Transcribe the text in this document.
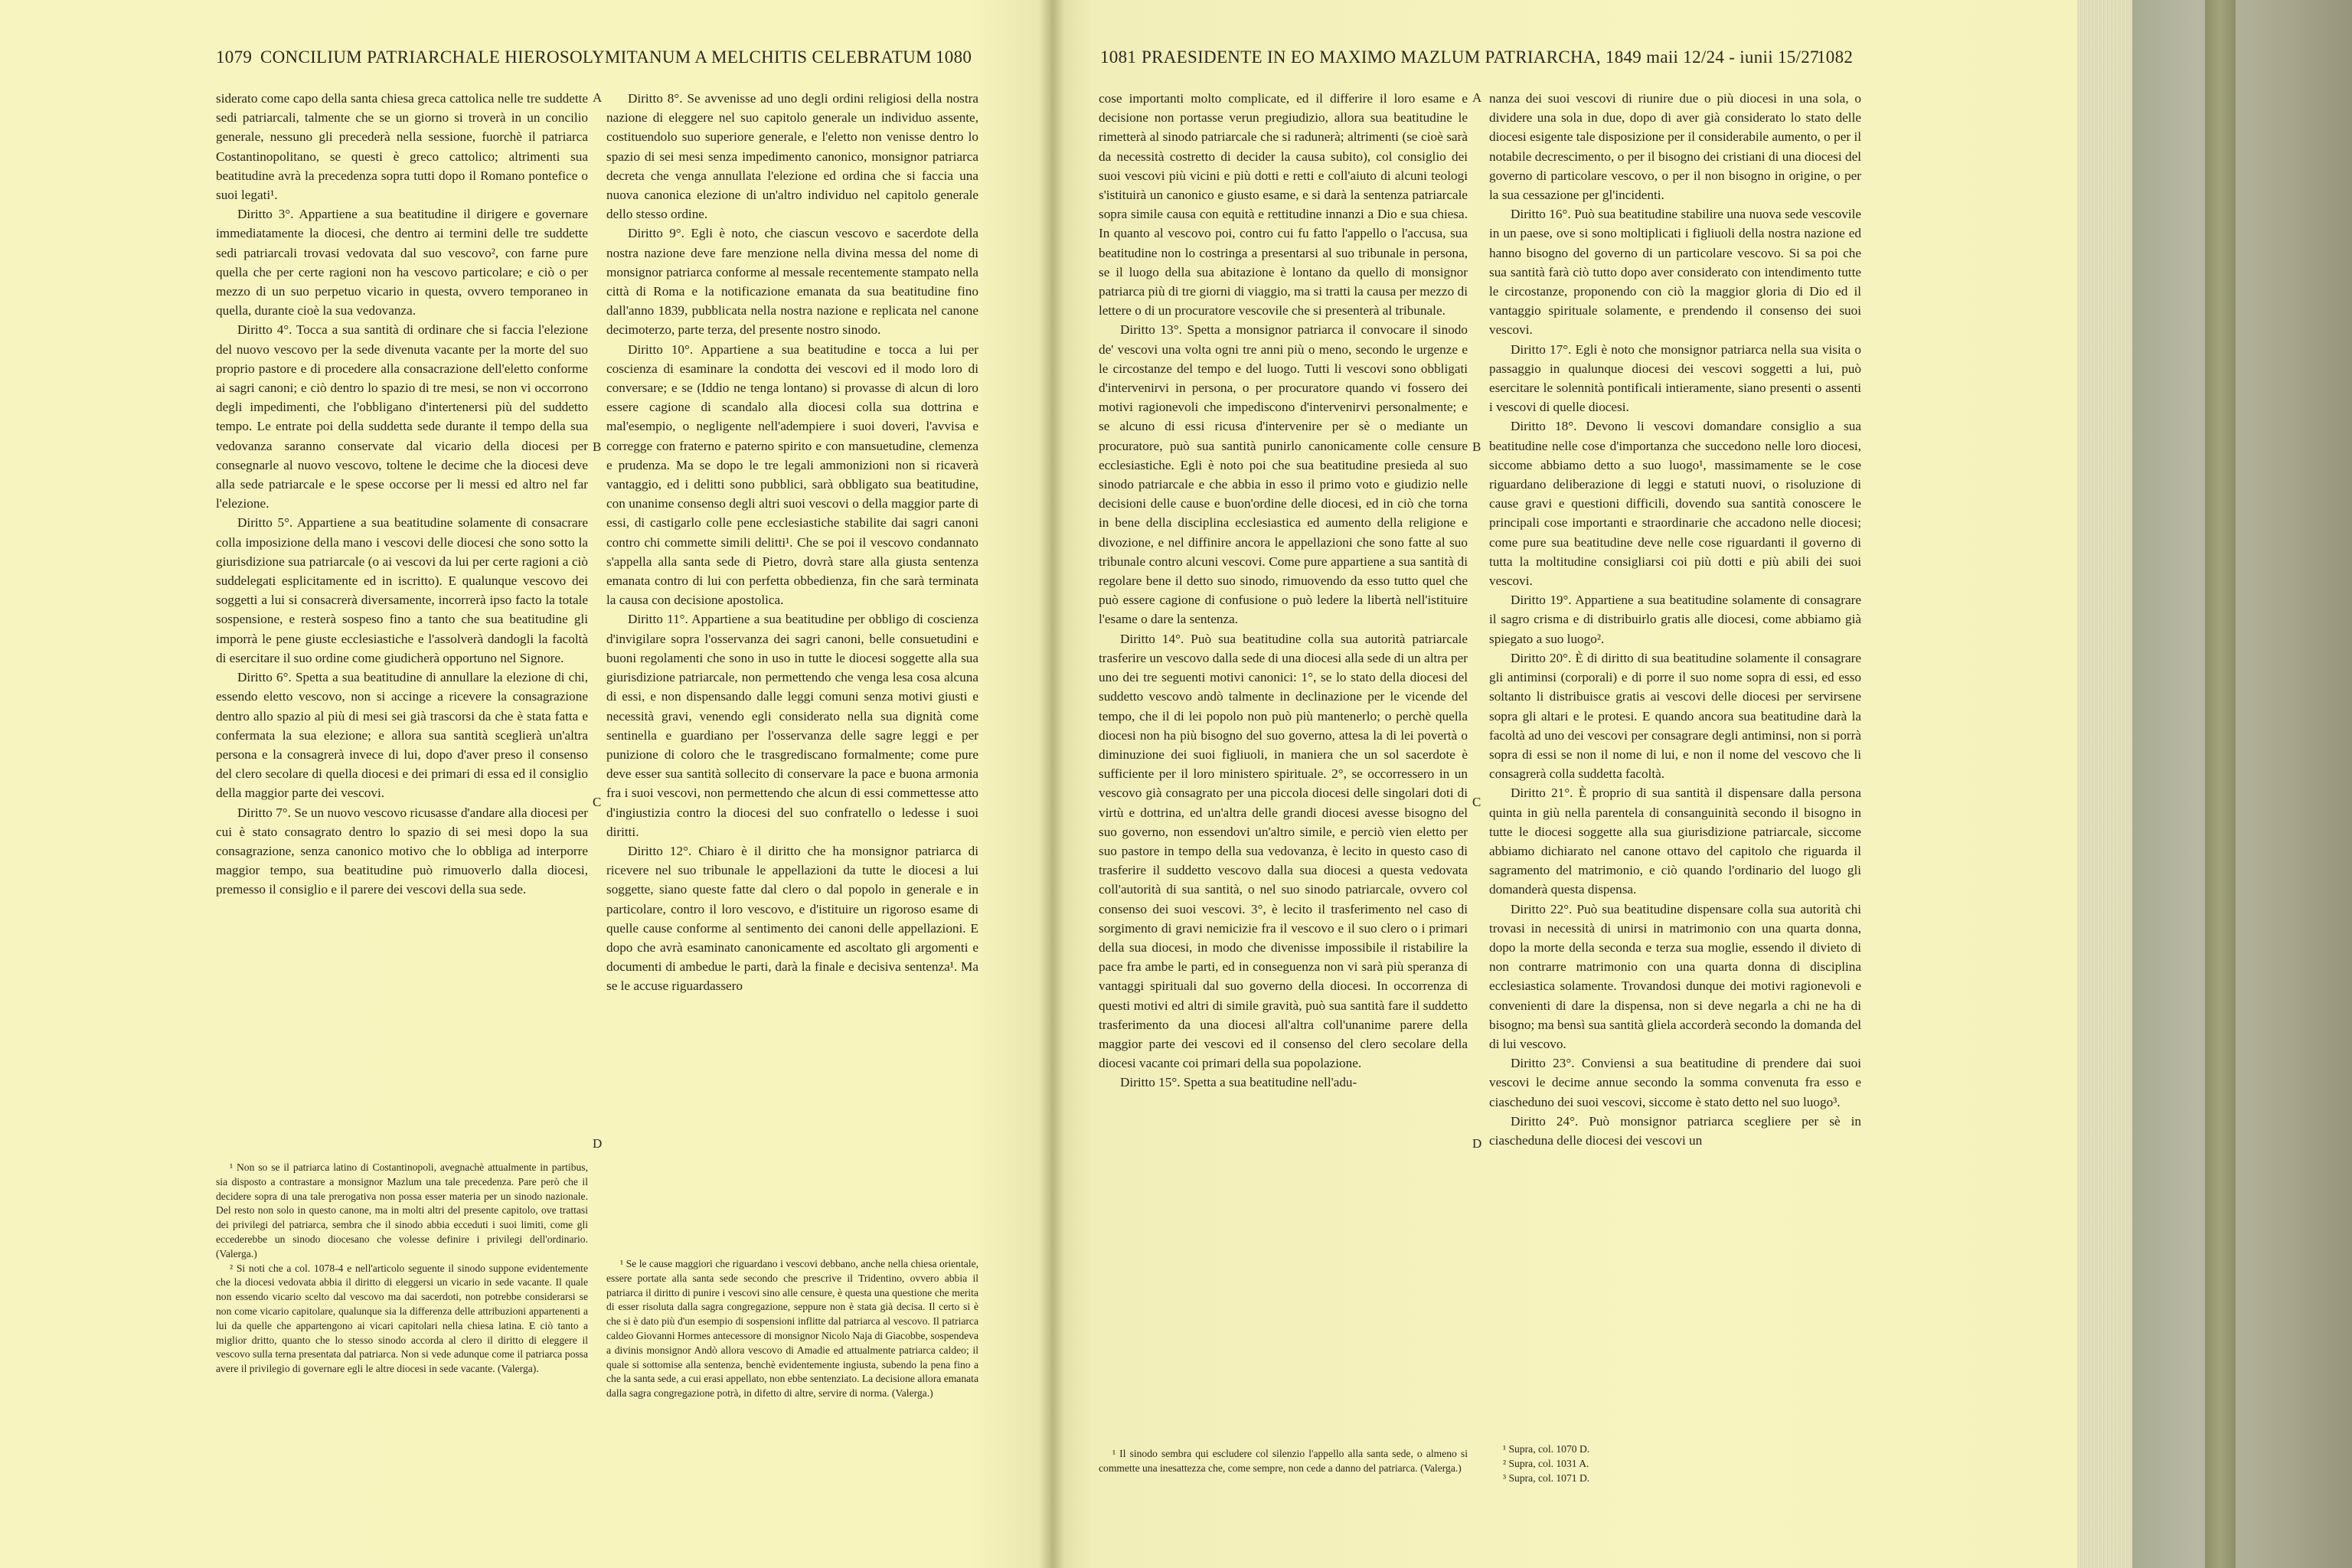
1079 CONCILIUM PATRIARCHALE HIEROSOLYMITANUM A MELCHITIS CELEBRATUM 1080

siderato come capo della santa chiesa greca cattolica nelle tre suddette sedi patriarcali, talmente che se un giorno si troverà in un concilio generale, nessuno gli precederà nella sessione, fuorchè il patriarca Costantinopolitano, se questi è greco cattolico; altrimenti sua beatitudine avrà la precedenza sopra tutti dopo il Romano pontefice o suoi legati¹.

Diritto 3°. Appartiene a sua beatitudine il dirigere e governare immediatamente la diocesi, che dentro ai termini delle tre suddette sedi patriarcali trovasi vedovata dal suo vescovo², con farne pure quella che per certe ragioni non ha vescovo particolare; e ciò o per mezzo di un suo perpetuo vicario in questa, ovvero temporaneo in quella, durante cioè la sua vedovanza.

Diritto 4°. Tocca a sua santità di ordinare che si faccia l'elezione del nuovo vescovo per la sede divenuta vacante per la morte del suo proprio pastore e di procedere alla consacrazione dell'eletto conforme ai sagri canoni; e ciò dentro lo spazio di tre mesi, se non vi occorrono degli impedimenti, che l'obbligano d'intertenersi più del suddetto tempo. Le entrate poi della suddetta sede durante il tempo della sua vedovanza saranno conservate dal vicario della diocesi per consegnarle al nuovo vescovo, toltene le decime che la diocesi deve alla sede patriarcale e le spese occorse per li messi ed altro nel far l'elezione.

Diritto 5°. Appartiene a sua beatitudine solamente di consacrare colla imposizione della mano i vescovi delle diocesi che sono sotto la giurisdizione sua patriarcale (o ai vescovi da lui per certe ragioni a ciò suddelegati esplicitamente ed in iscritto). E qualunque vescovo dei soggetti a lui si consacrerà diversamente, incorrerà ipso facto la totale sospensione, e resterà sospeso fino a tanto che sua beatitudine gli imporrà le pene giuste ecclesiastiche e l'assolverà dandogli la facoltà di esercitare il suo ordine come giudicherà opportuno nel Signore.

Diritto 6°. Spetta a sua beatitudine di annullare la elezione di chi, essendo eletto vescovo, non si accinge a ricevere la consagrazione dentro allo spazio al più di mesi sei già trascorsi da che è stata fatta e confermata la sua elezione; e allora sua santità sceglierà un'altra persona e la consagrerà invece di lui, dopo d'aver preso il consenso del clero secolare di quella diocesi e dei primari di essa ed il consiglio della maggior parte dei vescovi.

Diritto 7°. Se un nuovo vescovo ricusasse d'andare alla diocesi per cui è stato consagrato dentro lo spazio di sei mesi dopo la sua consagrazione, senza canonico motivo che lo obbliga ad interporre maggior tempo, sua beatitudine può rimuoverlo dalla diocesi, premesso il consiglio e il parere dei vescovi della sua sede.

¹ Non so se il patriarca latino di Costantinopoli, avegnachè attualmente in partibus, sia disposto a contrastare a monsignor Mazlum una tale precedenza. Pare però che il decidere sopra di una tale prerogativa non possa esser materia per un sinodo nazionale. Del resto non solo in questo canone, ma in molti altri del presente capitolo, ove trattasi dei privilegi del patriarca, sembra che il sinodo abbia ecceduti i suoi limiti, come gli eccederebbe un sinodo diocesano che volesse definire i privilegi dell'ordinario. (Valerga.)

² Si noti che a col. 1078-4 e nell'articolo seguente il sinodo suppone evidentemente che la diocesi vedovata abbia il diritto di eleggersi un vicario in sede vacante. Il quale non essendo vicario scelto dal vescovo ma dai sacerdoti, non potrebbe considerarsi se non come vicario capitolare, qualunque sia la differenza delle attribuzioni appartenenti a lui da quelle che appartengono ai vicari capitolari nella chiesa latina. E ciò tanto a miglior dritto, quanto che lo stesso sinodo accorda al clero il diritto di eleggere il vescovo sulla terna presentata dal patriarca. Non si vede adunque come il patriarca possa avere il privilegio di governare egli le altre diocesi in sede vacante. (Valerga).

A
B
C
D

Diritto 8°. Se avvenisse ad uno degli ordini religiosi della nostra nazione di eleggere nel suo capitolo generale un individuo assente, costituendolo suo superiore generale, e l'eletto non venisse dentro lo spazio di sei mesi senza impedimento canonico, monsignor patriarca decreta che venga annullata l'elezione ed ordina che si faccia una nuova canonica elezione di un'altro individuo nel capitolo generale dello stesso ordine.

Diritto 9°. Egli è noto, che ciascun vescovo e sacerdote della nostra nazione deve fare menzione nella divina messa del nome di monsignor patriarca conforme al messale recentemente stampato nella città di Roma e la notificazione emanata da sua beatitudine fino dall'anno 1839, pubblicata nella nostra nazione e replicata nel canone decimoterzo, parte terza, del presente nostro sinodo.

Diritto 10°. Appartiene a sua beatitudine e tocca a lui per coscienza di esaminare la condotta dei vescovi ed il modo loro di conversare; e se (Iddio ne tenga lontano) si provasse di alcun di loro essere cagione di scandalo alla diocesi colla sua dottrina e mal'esempio, o negligente nell'adempiere i suoi doveri, l'avvisa e corregge con fraterno e paterno spirito e con mansuetudine, clemenza e prudenza. Ma se dopo le tre legali ammonizioni non si ricaverà vantaggio, ed i delitti sono pubblici, sarà obbligato sua beatitudine, con unanime consenso degli altri suoi vescovi o della maggior parte di essi, di castigarlo colle pene ecclesiastiche stabilite dai sagri canoni contro chi commette simili delitti¹. Che se poi il vescovo condannato s'appella alla santa sede di Pietro, dovrà stare alla giusta sentenza emanata contro di lui con perfetta obbedienza, fin che sarà terminata la causa con decisione apostolica.

Diritto 11°. Appartiene a sua beatitudine per obbligo di coscienza d'invigilare sopra l'osservanza dei sagri canoni, belle consuetudini e buoni regolamenti che sono in uso in tutte le diocesi soggette alla sua giurisdizione patriarcale, non permettendo che venga lesa cosa alcuna di essi, e non dispensando dalle leggi comuni senza motivi giusti e necessità gravi, venendo egli considerato nella sua dignità come sentinella e guardiano per l'osservanza delle sagre leggi e per punizione di coloro che le trasgrediscano formalmente; come pure deve esser sua santità sollecito di conservare la pace e buona armonia fra i suoi vescovi, non permettendo che alcun di essi commettesse atto d'ingiustizia contro la diocesi del suo confratello o ledesse i suoi diritti.

Diritto 12°. Chiaro è il diritto che ha monsignor patriarca di ricevere nel suo tribunale le appellazioni da tutte le diocesi a lui soggette, siano queste fatte dal clero o dal popolo in generale e in particolare, contro il loro vescovo, e d'istituire un rigoroso esame di quelle cause conforme al sentimento dei canoni delle appellazioni. E dopo che avrà esaminato canonicamente ed ascoltato gli argomenti e documenti di ambedue le parti, darà la finale e decisiva sentenza¹. Ma se le accuse riguardassero

¹ Se le cause maggiori che riguardano i vescovi debbano, anche nella chiesa orientale, essere portate alla santa sede secondo che prescrive il Tridentino, ovvero abbia il patriarca il diritto di punire i vescovi sino alle censure, è questa una questione che merita di esser risoluta dalla sagra congregazione, seppure non è stata già decisa. Il certo si è che si è dato più d'un esempio di sospensioni inflitte dal patriarca al vescovo. Il patriarca caldeo Giovanni Hormes antecessore di monsignor Nicolo Naja di Giacobbe, sospendeva a divinis monsignor Andò allora vescovo di Amadie ed attualmente patriarca caldeo; il quale si sottomise alla sentenza, benchè evidentemente ingiusta, subendo la pena fino a che la santa sede, a cui erasi appellato, non ebbe sentenziato. La decisione allora emanata dalla sagra congregazione potrà, in difetto di altre, servire di norma. (Valerga.)

1081 PRAESIDENTE IN EO MAXIMO MAZLUM PATRIARCHA, 1849 maii 12/24 - iunii 15/27
1082

cose importanti molto complicate, ed il differire il loro esame e decisione non portasse verun pregiudizio, allora sua beatitudine le rimetterà al sinodo patriarcale che si radunerà; altrimenti (se cioè sarà da necessità costretto di decider la causa subito), col consiglio dei suoi vescovi più vicini e più dotti e retti e coll'aiuto di alcuni teologi s'istituirà un canonico e giusto esame, e si darà la sentenza patriarcale sopra simile causa con equità e rettitudine innanzi a Dio e sua chiesa. In quanto al vescovo poi, contro cui fu fatto l'appello o l'accusa, sua beatitudine non lo costringa a presentarsi al suo tribunale in persona, se il luogo della sua abitazione è lontano da quello di monsignor patriarca più di tre giorni di viaggio, ma si tratti la causa per mezzo di lettere o di un procuratore vescovile che si presenterà al tribunale.

Diritto 13°. Spetta a monsignor patriarca il convocare il sinodo de' vescovi una volta ogni tre anni più o meno, secondo le urgenze e le circostanze del tempo e del luogo. Tutti li vescovi sono obbligati d'intervenirvi in persona, o per procuratore quando vi fossero dei motivi ragionevoli che impediscono d'intervenirvi personalmente; e se alcuno di essi ricusa d'intervenire per sè o mediante un procuratore, può sua santità punirlo canonicamente colle censure ecclesiastiche. Egli è noto poi che sua beatitudine presieda al suo sinodo patriarcale e che abbia in esso il primo voto e giudizio nelle decisioni delle cause e buon'ordine delle diocesi, ed in ciò che torna in bene della disciplina ecclesiastica ed aumento della religione e divozione, e nel diffinire ancora le appellazioni che sono fatte al suo tribunale contro alcuni vescovi. Come pure appartiene a sua santità di regolare bene il detto suo sinodo, rimuovendo da esso tutto quel che può essere cagione di confusione o può ledere la libertà nell'istituire l'esame o dare la sentenza.

Diritto 14°. Può sua beatitudine colla sua autorità patriarcale trasferire un vescovo dalla sede di una diocesi alla sede di un altra per uno dei tre seguenti motivi canonici: 1°, se lo stato della diocesi del suddetto vescovo andò talmente in declinazione per le vicende del tempo, che il di lei popolo non può più mantenerlo; o perchè quella diocesi non ha più bisogno del suo governo, attesa la di lei povertà o diminuzione dei suoi figliuoli, in maniera che un sol sacerdote è sufficiente per il loro ministero spirituale. 2°, se occorressero in un vescovo già consagrato per una piccola diocesi delle singolari doti di virtù e dottrina, ed un'altra delle grandi diocesi avesse bisogno del suo governo, non essendovi un'altro simile, e perciò vien eletto per suo pastore in tempo della sua vedovanza, è lecito in questo caso di trasferire il suddetto vescovo dalla sua diocesi a questa vedovata coll'autorità di sua santità, o nel suo sinodo patriarcale, ovvero col consenso dei suoi vescovi. 3°, è lecito il trasferimento nel caso di sorgimento di gravi nemicizie fra il vescovo e il suo clero o i primari della sua diocesi, in modo che divenisse impossibile il ristabilire la pace fra ambe le parti, ed in conseguenza non vi sarà più speranza di vantaggi spirituali dal suo governo della diocesi. In occorrenza di questi motivi ed altri di simile gravità, può sua santità fare il suddetto trasferimento da una diocesi all'altra coll'unanime parere della maggior parte dei vescovi ed il consenso del clero secolare della diocesi vacante coi primari della sua popolazione.

Diritto 15°. Spetta a sua beatitudine nell'adu-

¹ Il sinodo sembra qui escludere col silenzio l'appello alla santa sede, o almeno si commette una inesattezza che, come sempre, non cede a danno del patriarca. (Valerga.)

A
B
C
D

nanza dei suoi vescovi di riunire due o più diocesi in una sola, o dividere una sola in due, dopo di aver già considerato lo stato delle diocesi esigente tale disposizione per il considerabile aumento, o per il notabile decrescimento, o per il bisogno dei cristiani di una diocesi del governo di particolare vescovo, o per il non bisogno in origine, o per la sua cessazione per gl'incidenti.

Diritto 16°. Può sua beatitudine stabilire una nuova sede vescovile in un paese, ove si sono moltiplicati i figliuoli della nostra nazione ed hanno bisogno del governo di un particolare vescovo. Si sa poi che sua santità farà ciò tutto dopo aver considerato con intendimento tutte le circostanze, proponendo con ciò la maggior gloria di Dio ed il vantaggio spirituale solamente, e prendendo il consenso dei suoi vescovi.

Diritto 17°. Egli è noto che monsignor patriarca nella sua visita o passaggio in qualunque diocesi dei vescovi soggetti a lui, può esercitare le solennità pontificali intieramente, siano presenti o assenti i vescovi di quelle diocesi.

Diritto 18°. Devono li vescovi domandare consiglio a sua beatitudine nelle cose d'importanza che succedono nelle loro diocesi, siccome abbiamo detto a suo luogo¹, massimamente se le cose riguardano deliberazione di leggi e statuti nuovi, o risoluzione di cause gravi e questioni difficili, dovendo sua santità conoscere le principali cose importanti e straordinarie che accadono nelle diocesi; come pure sua beatitudine deve nelle cose riguardanti il governo di tutta la moltitudine consigliarsi coi più dotti e più abili dei suoi vescovi.

Diritto 19°. Appartiene a sua beatitudine solamente di consagrare il sagro crisma e di distribuirlo gratis alle diocesi, come abbiamo già spiegato a suo luogo².

Diritto 20°. È di diritto di sua beatitudine solamente il consagrare gli antiminsi (corporali) e di porre il suo nome sopra di essi, ed esso soltanto li distribuisce gratis ai vescovi delle diocesi per servirsene sopra gli altari e le protesi. E quando ancora sua beatitudine darà la facoltà ad uno dei vescovi per consagrare degli antiminsi, non si porrà sopra di essi se non il nome di lui, e non il nome del vescovo che li consagrerà colla suddetta facoltà.

Diritto 21°. È proprio di sua santità il dispensare dalla persona quinta in giù nella parentela di consanguinità secondo il bisogno in tutte le diocesi soggette alla sua giurisdizione patriarcale, siccome abbiamo dichiarato nel canone ottavo del capitolo che riguarda il sagramento del matrimonio, e ciò quando l'ordinario del luogo gli domanderà questa dispensa.

Diritto 22°. Può sua beatitudine dispensare colla sua autorità chi trovasi in necessità di unirsi in matrimonio con una quarta donna, dopo la morte della seconda e terza sua moglie, essendo il divieto di non contrarre matrimonio con una quarta donna di disciplina ecclesiastica solamente. Trovandosi dunque dei motivi ragionevoli e convenienti di dare la dispensa, non si deve negarla a chi ne ha di bisogno; ma bensì sua santità gliela accorderà secondo la domanda del di lui vescovo.

Diritto 23°. Conviensi a sua beatitudine di prendere dai suoi vescovi le decime annue secondo la somma convenuta fra esso e ciascheduno dei suoi vescovi, siccome è stato detto nel suo luogo³.

Diritto 24°. Può monsignor patriarca scegliere per sè in ciascheduna delle diocesi dei vescovi un

¹ Supra, col. 1070 D.

² Supra, col. 1031 A.

³ Supra, col. 1071 D.
